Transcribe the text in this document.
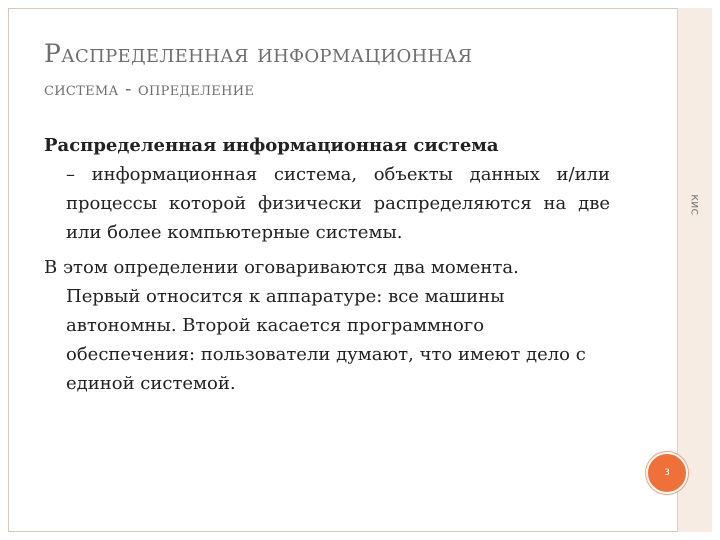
КИС
Распределенная информационная
система - определение
Распределенная информационная система
– информационная система, объекты данных и/или процессы которой физически распределяются на две или более компьютерные системы.
В этом определении оговариваются два момента.
Первый относится к аппаратуре: все машины автономны. Второй касается программного обеспечения: пользователи думают, что имеют дело с единой системой.
3
